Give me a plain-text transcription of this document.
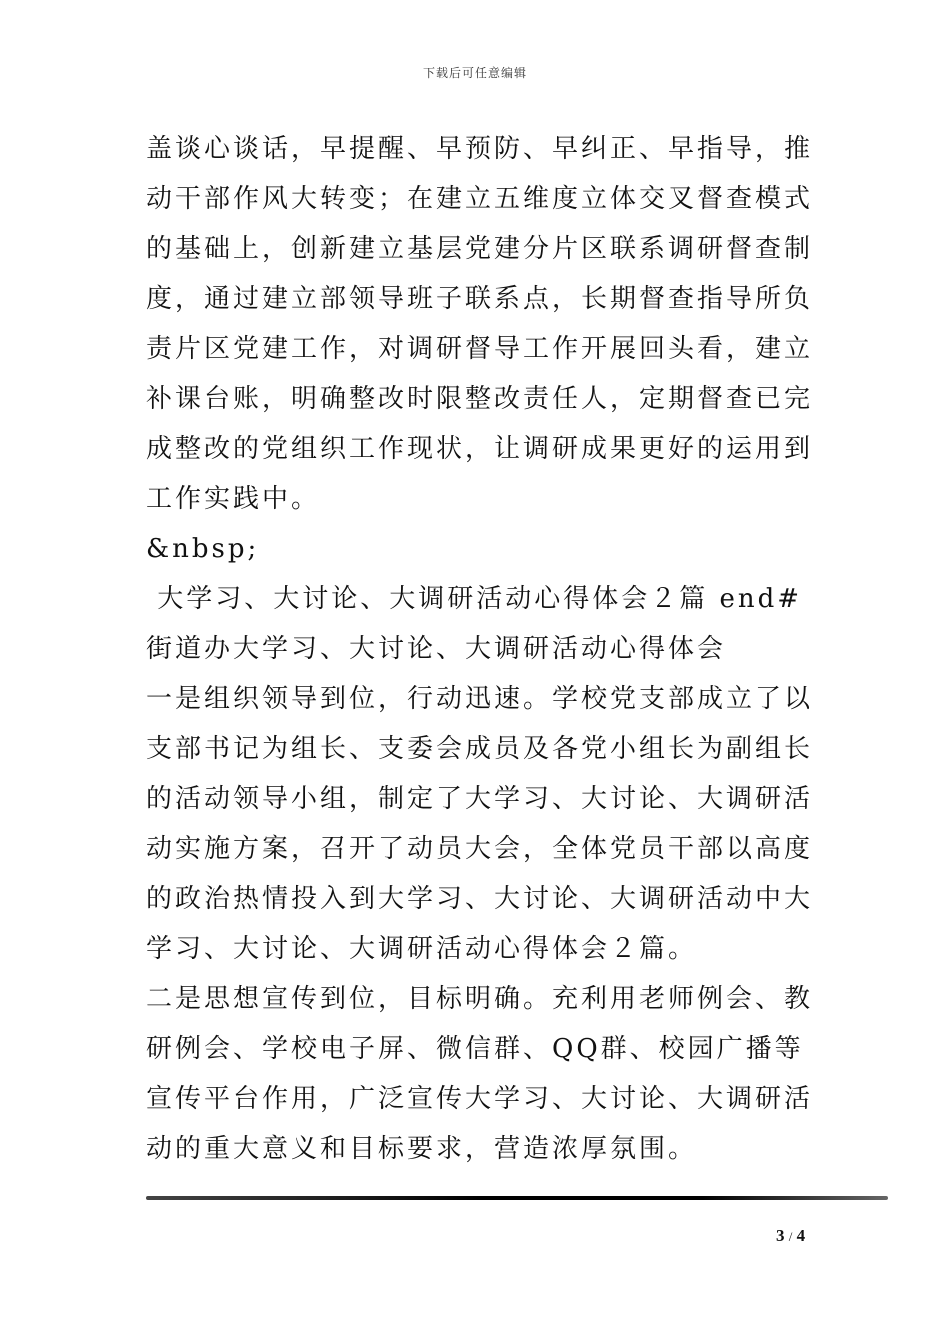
下载后可任意编辑

盖谈心谈话，早提醒、早预防、早纠正、早指导，推

动干部作风大转变；在建立五维度立体交叉督查模式

的基础上，创新建立基层党建分片区联系调研督查制

度，通过建立部领导班子联系点，长期督查指导所负

责片区党建工作，对调研督导工作开展回头看，建立

补课台账，明确整改时限整改责任人，定期督查已完

成整改的党组织工作现状，让调研成果更好的运用到

工作实践中。

&nbsp;

大学习、大讨论、大调研活动心得体会２篇 end#

街道办大学习、大讨论、大调研活动心得体会

一是组织领导到位，行动迅速。学校党支部成立了以

支部书记为组长、支委会成员及各党小组长为副组长

的活动领导小组，制定了大学习、大讨论、大调研活

动实施方案，召开了动员大会，全体党员干部以高度

的政治热情投入到大学习、大讨论、大调研活动中大

学习、大讨论、大调研活动心得体会２篇。

二是思想宣传到位，目标明确。充利用老师例会、教

研例会、学校电子屏、微信群、QQ群、校园广播等

宣传平台作用，广泛宣传大学习、大讨论、大调研活

动的重大意义和目标要求，营造浓厚氛围。

3 / 4
